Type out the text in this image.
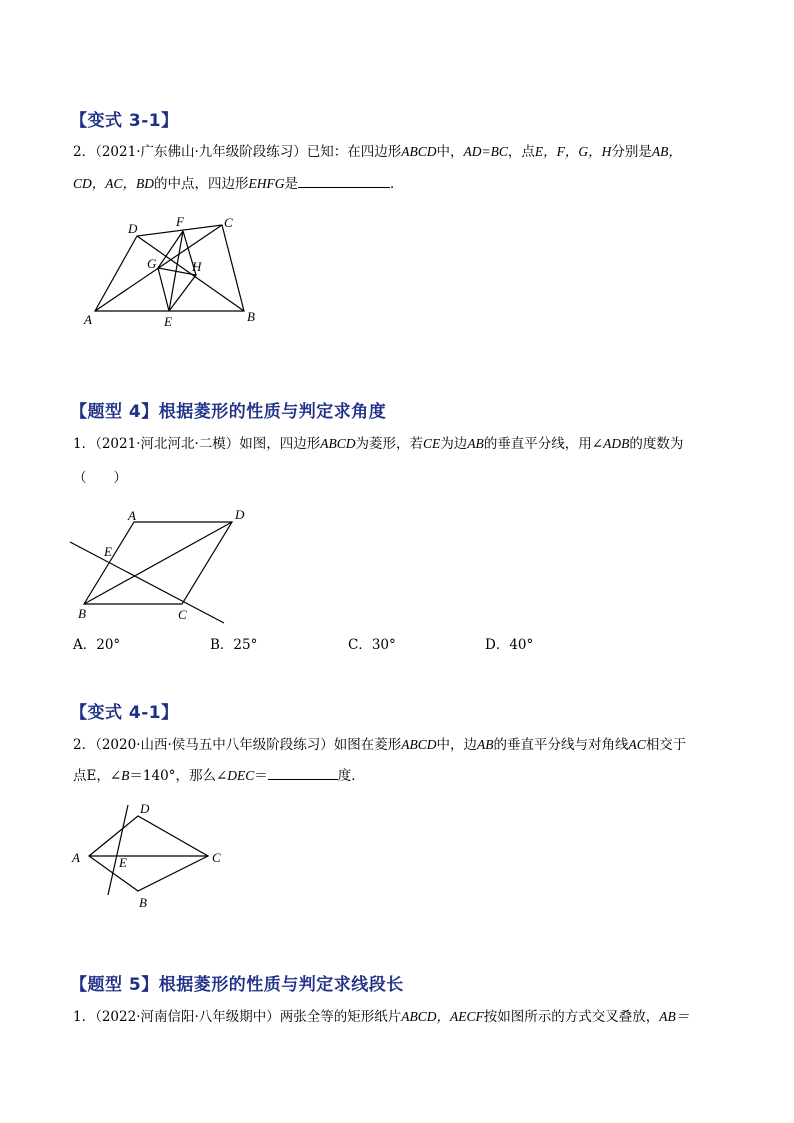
【变式 3-1】
【题型 4】根据菱形的性质与判定求角度
【变式 4-1】
【题型 5】根据菱形的性质与判定求线段长
2．（2021·广东佛山·九年级阶段练习）已知：在四边形ABCD中，AD=BC，点E，F，G，H分别是AB，
CD，AC，BD的中点，四边形EHFG是	．
A	B
C
D
E
F
G	H
1．（2021·河北河北·二模）如图，四边形ABCD为菱形，若CE为边AB的垂直平分线，用∠ADB的度数为
（　　）
A
B	C
D
E
A．20°	B．25°	C．30°	D．40°
2．（2020·山西·侯马五中八年级阶段练习）如图在菱形ABCD中，边AB的垂直平分线与对角线AC相交于
点E，∠B＝140°，那么∠DEC＝	度．
A
B
C
D
E
1．（2022·河南信阳·八年级期中）两张全等的矩形纸片ABCD，AECF按如图所示的方式交叉叠放，AB＝
